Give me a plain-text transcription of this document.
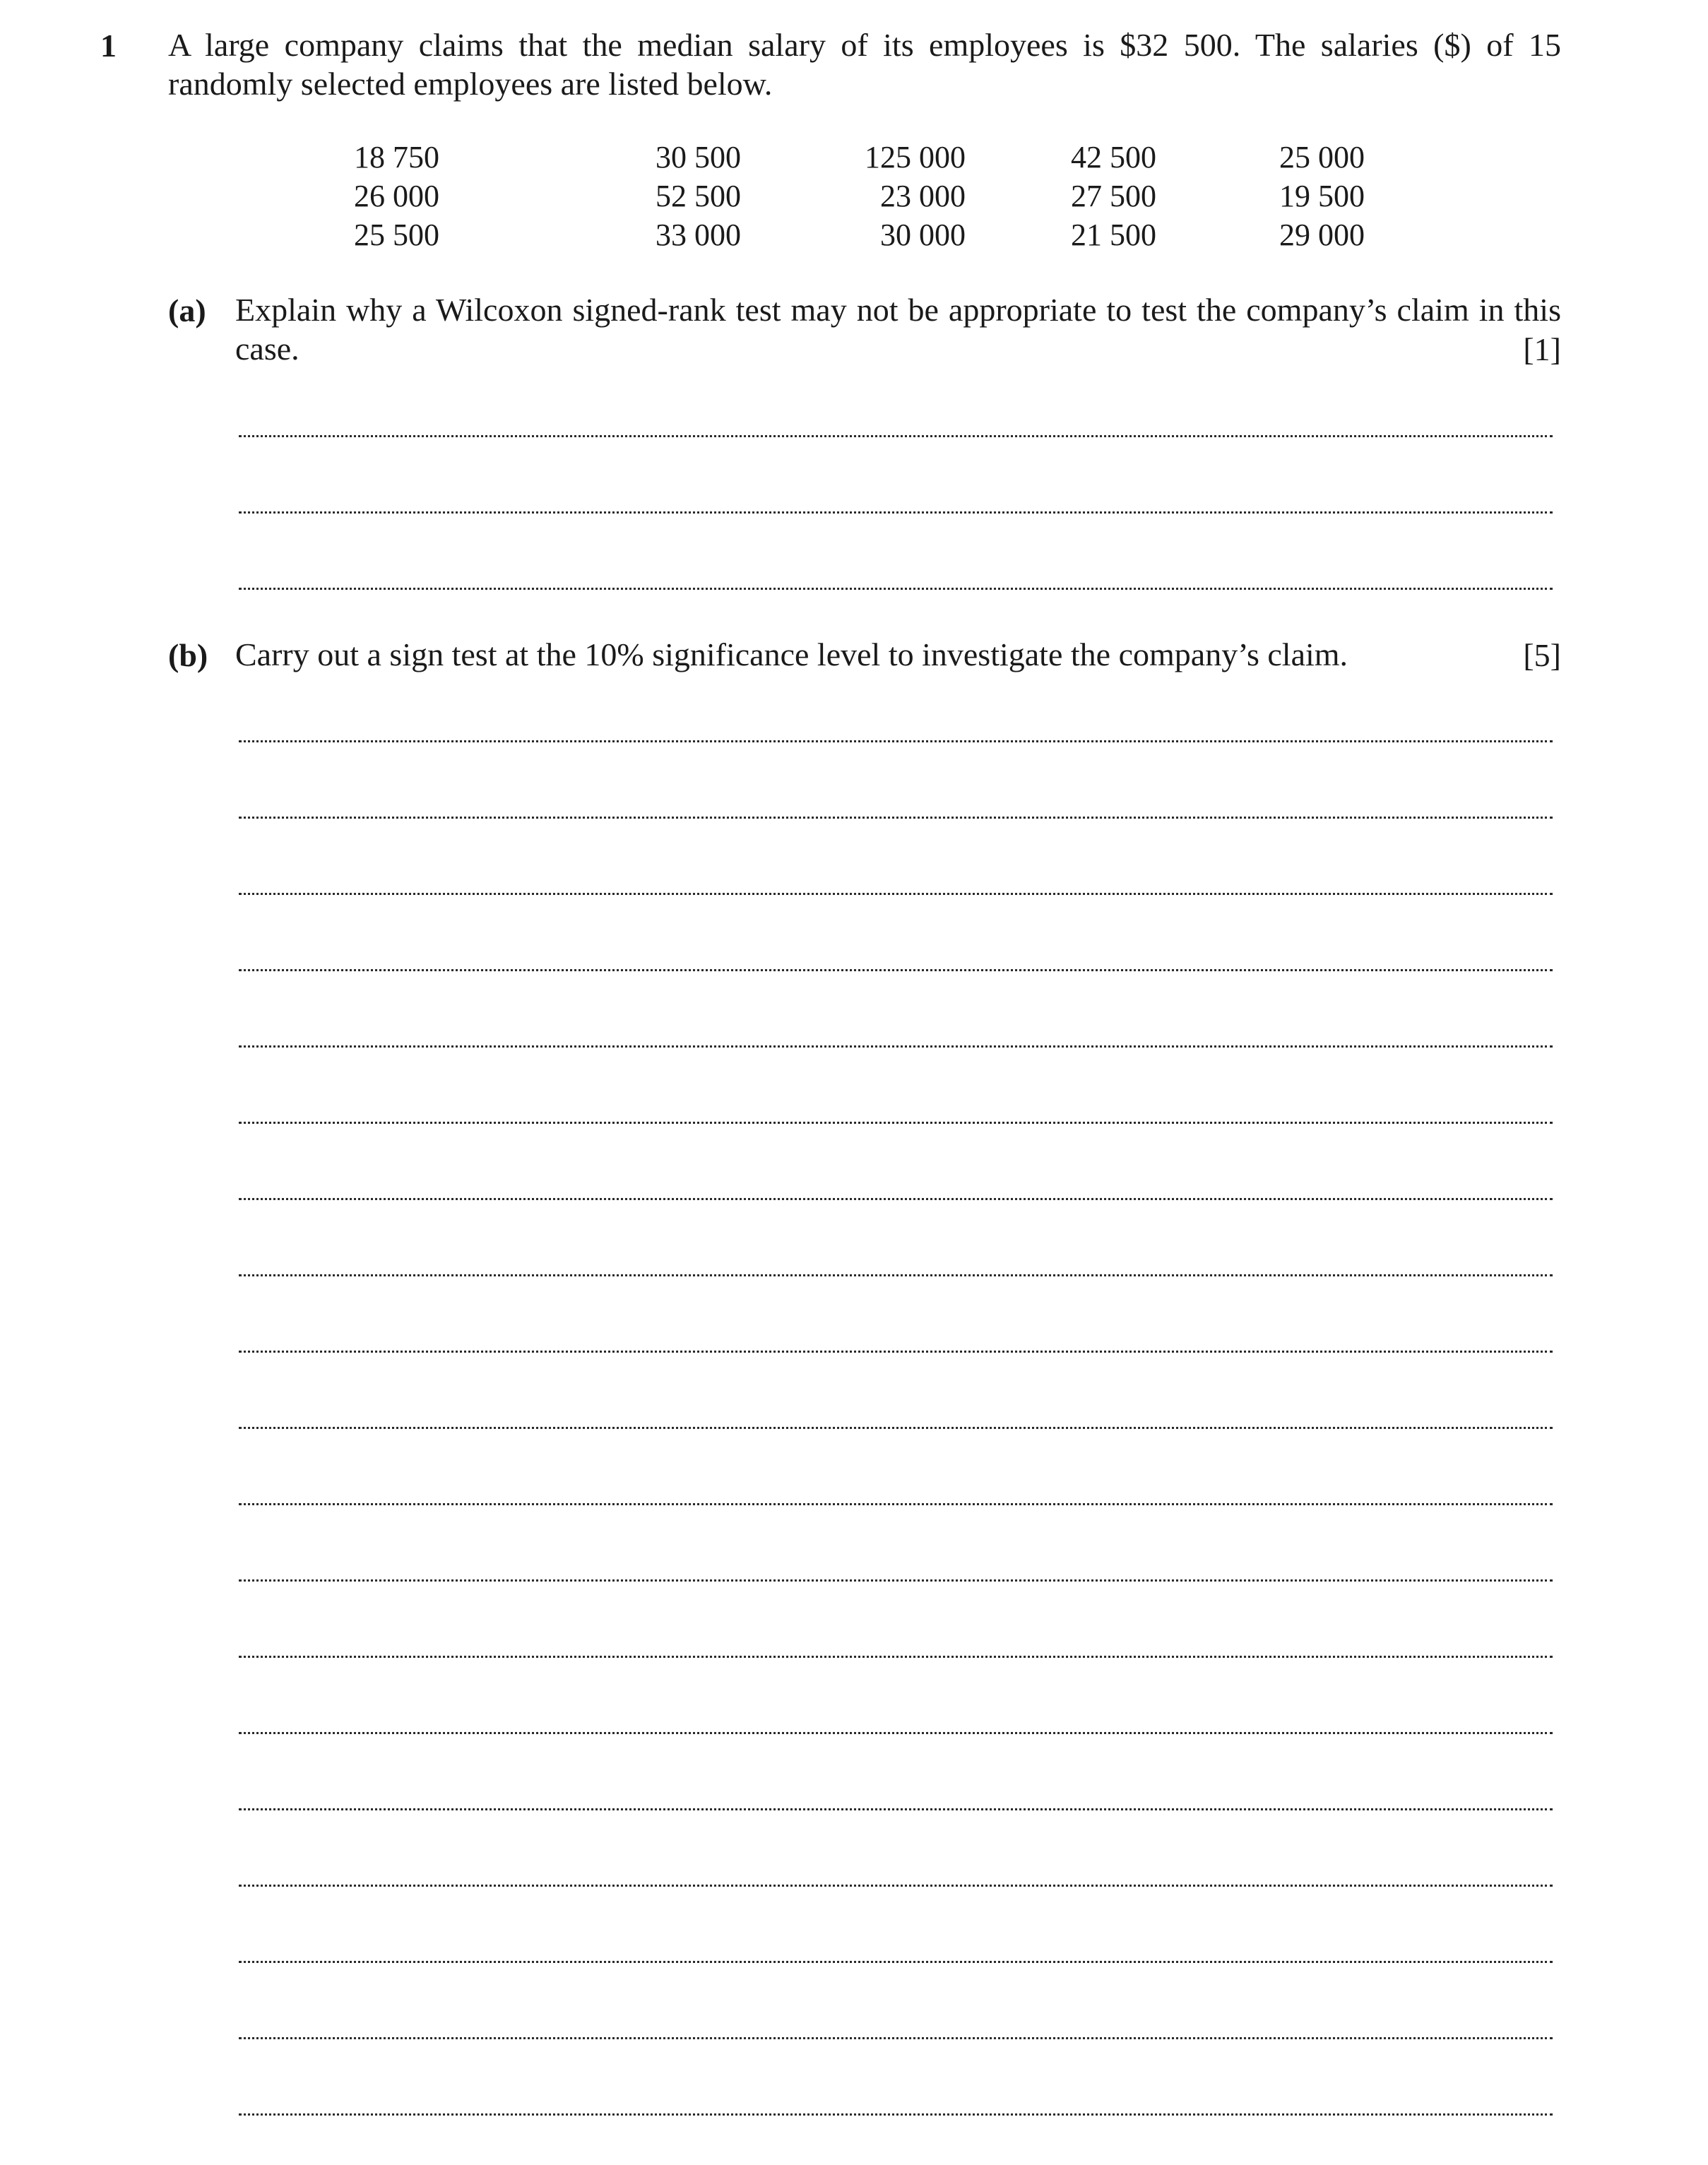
1 A large company claims that the median salary of its employees is $32 500. The salaries ($) of 15 randomly selected employees are listed below.
18 750	30 500	125 000	42 500	25 000
26 000	52 500	23 000	27 500	19 500
25 500	33 000	30 000	21 500	29 000
(a) Explain why a Wilcoxon signed-rank test may not be appropriate to test the company’s claim in this case.	[1]
(b) Carry out a sign test at the 10% significance level to investigate the company’s claim.	[5]
